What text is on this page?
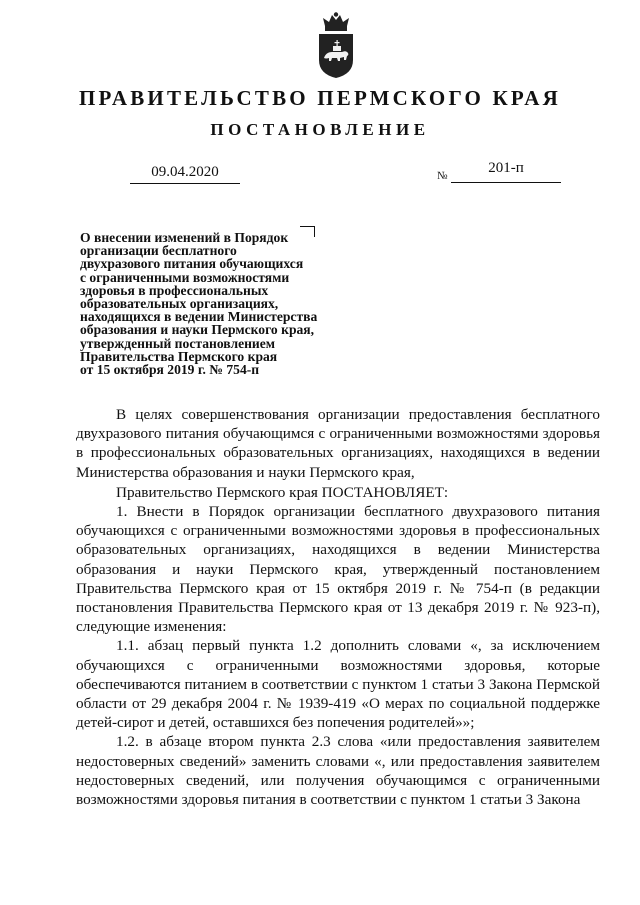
ПРАВИТЕЛЬСТВО ПЕРМСКОГО КРАЯ
ПОСТАНОВЛЕНИЕ
09.04.2020	№	201-п
О внесении изменений в Порядок
организации бесплатного
двухразового питания обучающихся
с ограниченными возможностями
здоровья в профессиональных
образовательных организациях,
находящихся в ведении Министерства
образования и науки Пермского края,
утвержденный постановлением
Правительства Пермского края
от 15 октября 2019 г. № 754-п

В целях совершенствования организации предоставления бесплатного двухразового питания обучающимся с ограниченными возможностями здоровья в профессиональных образовательных организациях, находящихся в ведении Министерства образования и науки Пермского края,

Правительство Пермского края ПОСТАНОВЛЯЕТ:

1. Внести в Порядок организации бесплатного двухразового питания обучающихся с ограниченными возможностями здоровья в профессиональных образовательных организациях, находящихся в ведении Министерства образования и науки Пермского края, утвержденный постановлением Правительства Пермского края от 15 октября 2019 г. № 754-п (в редакции постановления Правительства Пермского края от 13 декабря 2019 г. № 923-п), следующие изменения:

1.1. абзац первый пункта 1.2 дополнить словами «, за исключением обучающихся с ограниченными возможностями здоровья, которые обеспечиваются питанием в соответствии с пунктом 1 статьи 3 Закона Пермской области от 29 декабря 2004 г. № 1939-419 «О мерах по социальной поддержке детей-сирот и детей, оставшихся без попечения родителей»»;

1.2. в абзаце втором пункта 2.3 слова «или предоставления заявителем недостоверных сведений» заменить словами «, или предоставления заявителем недостоверных сведений, или получения обучающимся с ограниченными возможностями здоровья питания в соответствии с пунктом 1 статьи 3 Закона
